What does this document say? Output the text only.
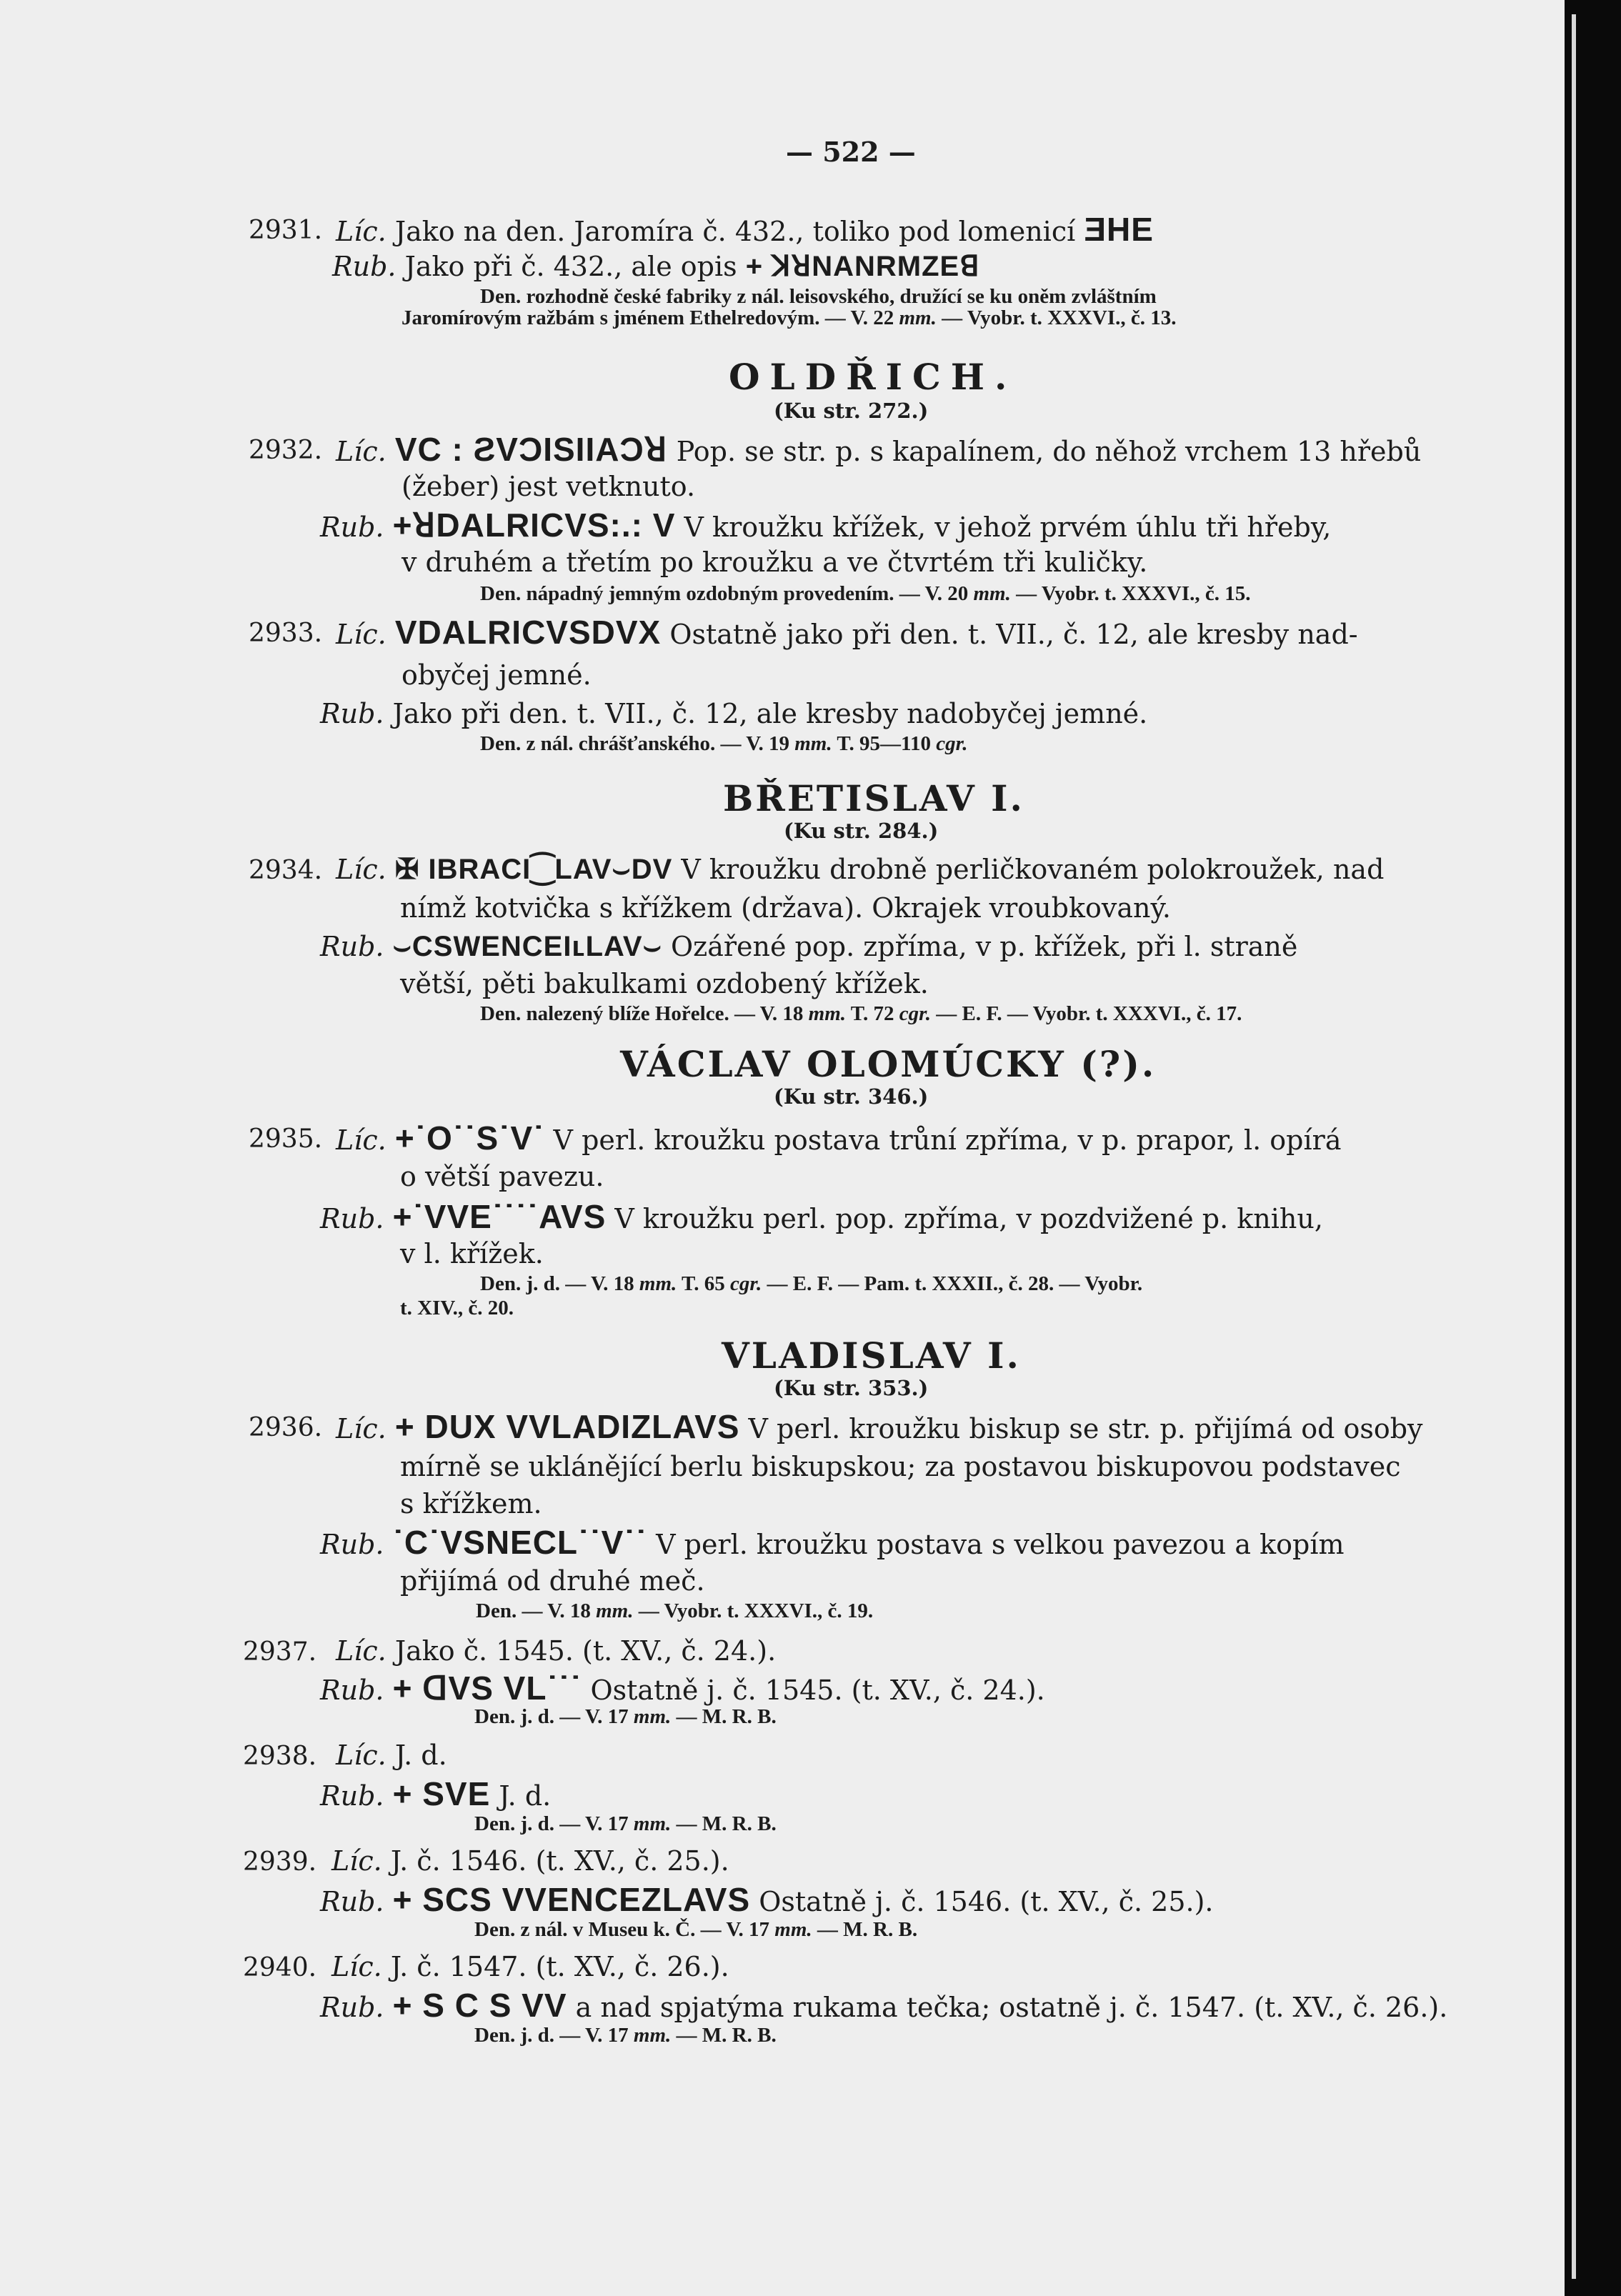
— 522 —
2931. Líc. Jako na den. Jaromíra č. 432., toliko pod lomenicí ƎHE
Rub. Jako při č. 432., ale opis + ꓘꓤNANRMZEꓭ
Den. rozhodně české fabriky z nál. leisovského, družící se ku oněm zvláštním
Jaromírovým ražbám s jménem Ethelredovým. — V. 22 mm. — Vyobr. t. XXXVI., č. 13.
OLDŘICH.
(Ku str. 272.)
2932. Líc. VC : ƧVϽISIIAϽꓤ Pop. se str. p. s kapalínem, do něhož vrchem 13 hřebů
(žeber) jest vetknuto.
Rub. +ꓤDALRICVS:.: V V kroužku křížek, v jehož prvém úhlu tři hřeby,
v druhém a třetím po kroužku a ve čtvrtém tři kuličky.
Den. nápadný jemným ozdobným provedením. — V. 20 mm. — Vyobr. t. XXXVI., č. 15.
2933. Líc. VDALRICVSDVX Ostatně jako při den. t. VII., č. 12, ale kresby nad-
obyčej jemné.
Rub. Jako při den. t. VII., č. 12, ale kresby nadobyčej jemné.
Den. z nál. chrášťanského. — V. 19 mm. T. 95—110 cgr.
BŘETISLAV I.
(Ku str. 284.)
2934. Líc. ✠ IBRACI⁐LAV⌣DV V kroužku drobně perličkovaném polokroužek, nad
nímž kotvička s křížkem (država). Okrajek vroubkovaný.
Rub. ⌣CSWENCEIʟLAV⌣ Ozářené pop. zpříma, v p. křížek, při l. straně
větší, pěti bakulkami ozdobený křížek.
Den. nalezený blíže Hořelce. — V. 18 mm. T. 72 cgr. — E. F. — Vyobr. t. XXXVI., č. 17.
VÁCLAV OLOMÚCKY (?).
(Ku str. 346.)
2935. Líc. +˙O˙˙S˙V˙ V perl. kroužku postava trůní zpříma, v p. prapor, l. opírá
o větší pavezu.
Rub. +˙VVE˙˙˙˙AVS V kroužku perl. pop. zpříma, v pozdvižené p. knihu,
v l. křížek.
Den. j. d. — V. 18 mm. T. 65 cgr. — E. F. — Pam. t. XXXII., č. 28. — Vyobr.
t. XIV., č. 20.
VLADISLAV I.
(Ku str. 353.)
2936. Líc. + DUX VVLADIZLAVS V perl. kroužku biskup se str. p. přijímá od osoby
mírně se uklánějící berlu biskupskou; za postavou biskupovou podstavec
s křížkem.
Rub. ˙C˙VSNECL˙˙V˙˙ V perl. kroužku postava s velkou pavezou a kopím
přijímá od druhé meč.
Den. — V. 18 mm. — Vyobr. t. XXXVI., č. 19.
2937. Líc. Jako č. 1545. (t. XV., č. 24.).
Rub. + ꓷVS VL˙˙˙ Ostatně j. č. 1545. (t. XV., č. 24.).
Den. j. d. — V. 17 mm. — M. R. B.
2938. Líc. J. d.
Rub. + SVE J. d.
Den. j. d. — V. 17 mm. — M. R. B.
2939. Líc. J. č. 1546. (t. XV., č. 25.).
Rub. + SCS VVENCEZLAVS Ostatně j. č. 1546. (t. XV., č. 25.).
Den. z nál. v Museu k. Č. — V. 17 mm. — M. R. B.
2940. Líc. J. č. 1547. (t. XV., č. 26.).
Rub. + S C S VV a nad spjatýma rukama tečka; ostatně j. č. 1547. (t. XV., č. 26.).
Den. j. d. — V. 17 mm. — M. R. B.
